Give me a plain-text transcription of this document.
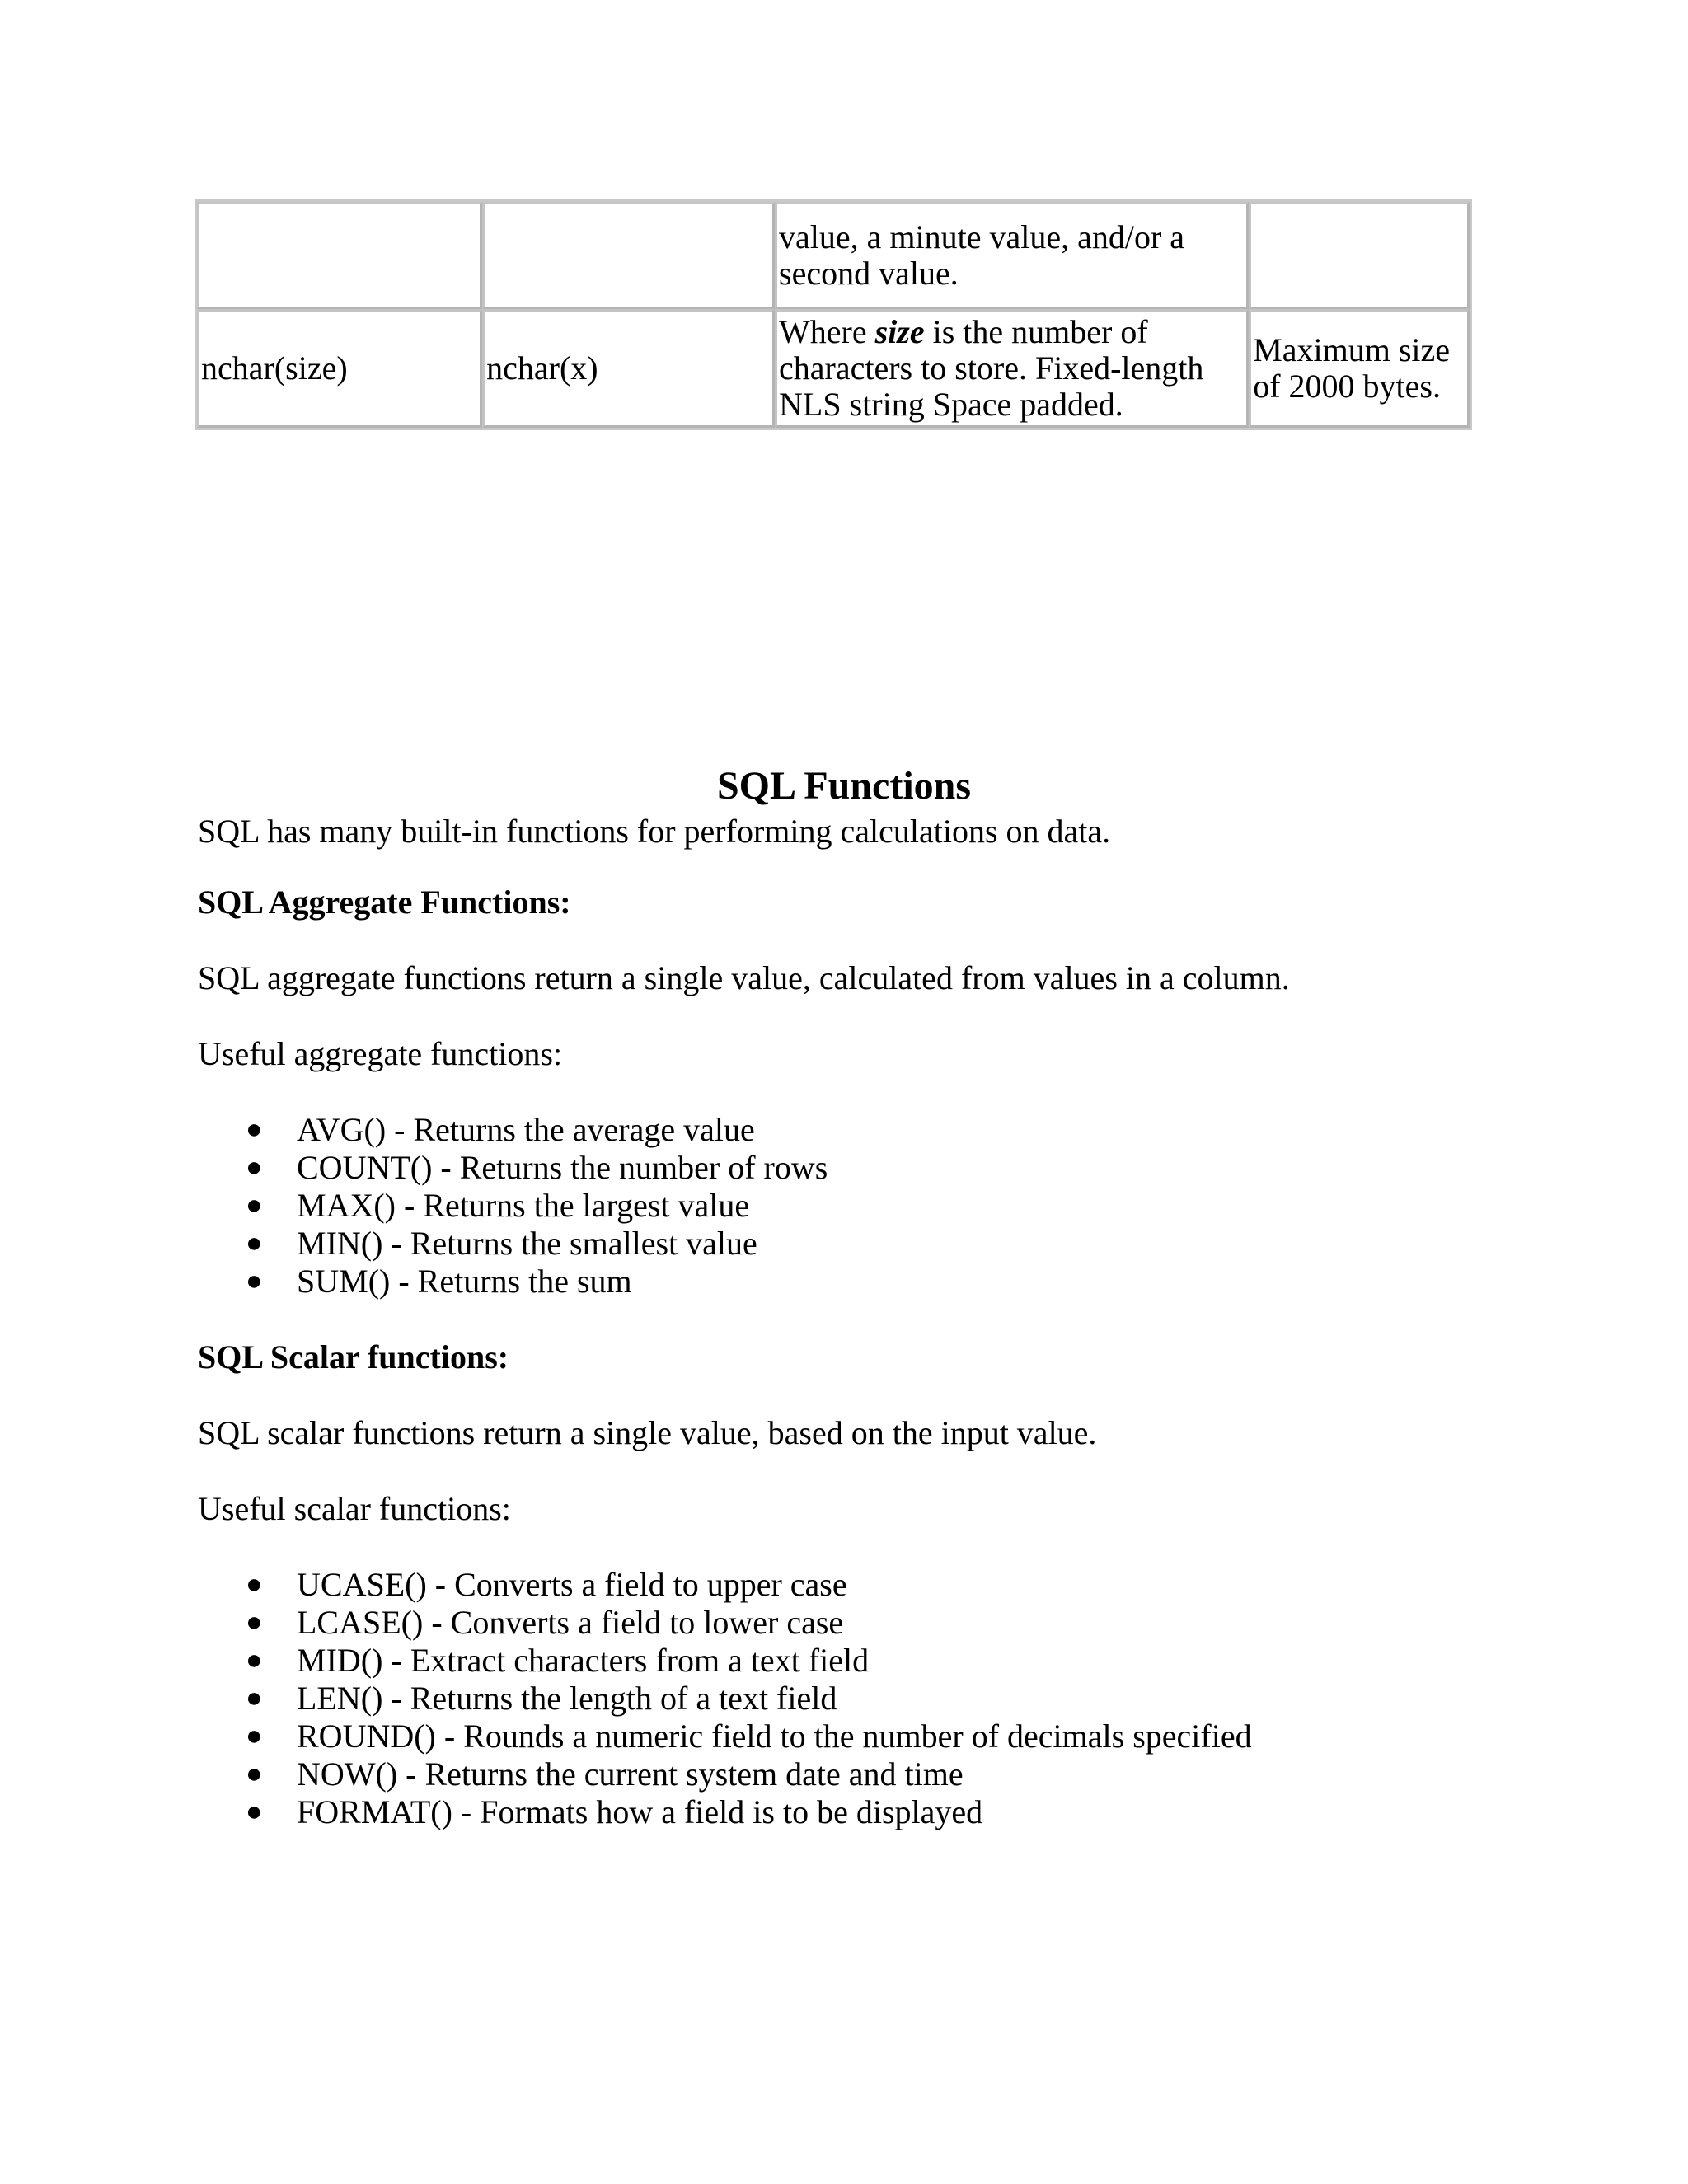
		value, a minute value, and/or a second value.	
nchar(size)	nchar(x)	Where size is the number of characters to store. Fixed-length NLS string Space padded.	Maximum size of 2000 bytes.
SQL Functions
SQL has many built-in functions for performing calculations on data.
SQL Aggregate Functions:
SQL aggregate functions return a single value, calculated from values in a column.
Useful aggregate functions:
● AVG() - Returns the average value
● COUNT() - Returns the number of rows
● MAX() - Returns the largest value
● MIN() - Returns the smallest value
● SUM() - Returns the sum
SQL Scalar functions:
SQL scalar functions return a single value, based on the input value.
Useful scalar functions:
● UCASE() - Converts a field to upper case
● LCASE() - Converts a field to lower case
● MID() - Extract characters from a text field
● LEN() - Returns the length of a text field
● ROUND() - Rounds a numeric field to the number of decimals specified
● NOW() - Returns the current system date and time
● FORMAT() - Formats how a field is to be displayed
